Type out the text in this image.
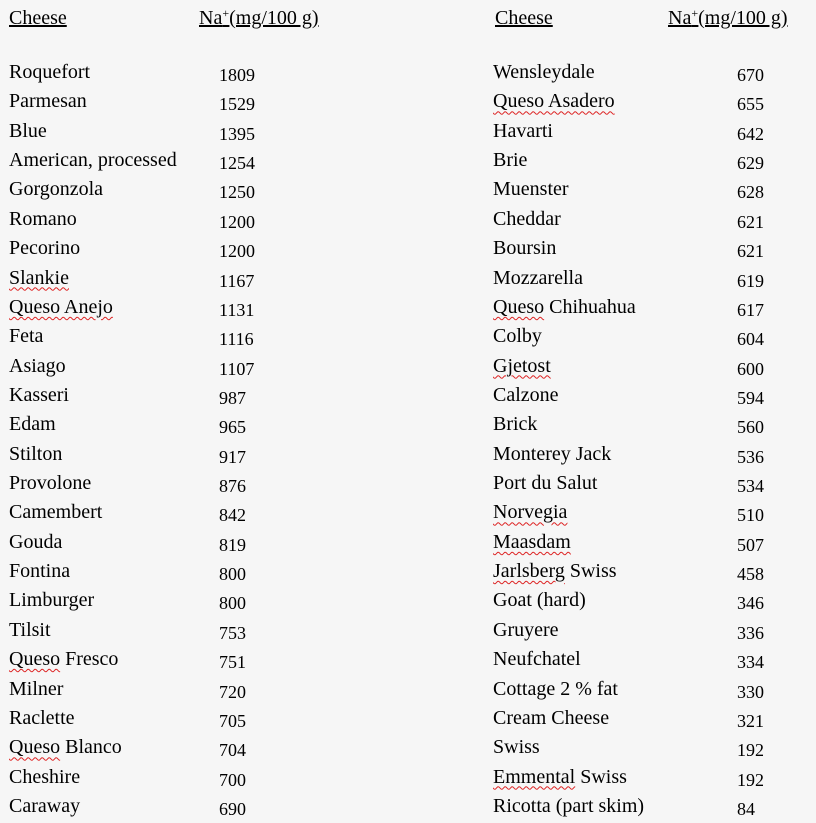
Cheese	Na+(mg/100 g)
Roquefort	1809
Parmesan	1529
Blue	1395
American, processed 1254
Gorgonzola	1250
Romano	1200
Pecorino	1200
Slankie	1167
Queso Anejo	1131
Feta	1116
Asiago	1107
Kasseri	987
Edam	965
Stilton	917
Provolone	876
Camembert	842
Gouda	819
Fontina	800
Limburger	800
Tilsit	753
Queso Fresco	751
Milner	720
Raclette	705
Queso Blanco	704
Cheshire	700
Caraway	690
Cheese	Na+(mg/100 g)
Wensleydale	670
Queso Asadero	655
Havarti	642
Brie	629
Muenster	628
Cheddar	621
Boursin	621
Mozzarella	619
Queso Chihuahua	617
Colby	604
Gjetost	600
Calzone	594
Brick	560
Monterey Jack	536
Port du Salut	534
Norvegia	510
Maasdam	507
Jarlsberg Swiss	458
Goat (hard)	346
Gruyere	336
Neufchatel	334
Cottage 2 % fat	330
Cream Cheese	321
Swiss	192
Emmental Swiss	192
Ricotta (part skim)	84
